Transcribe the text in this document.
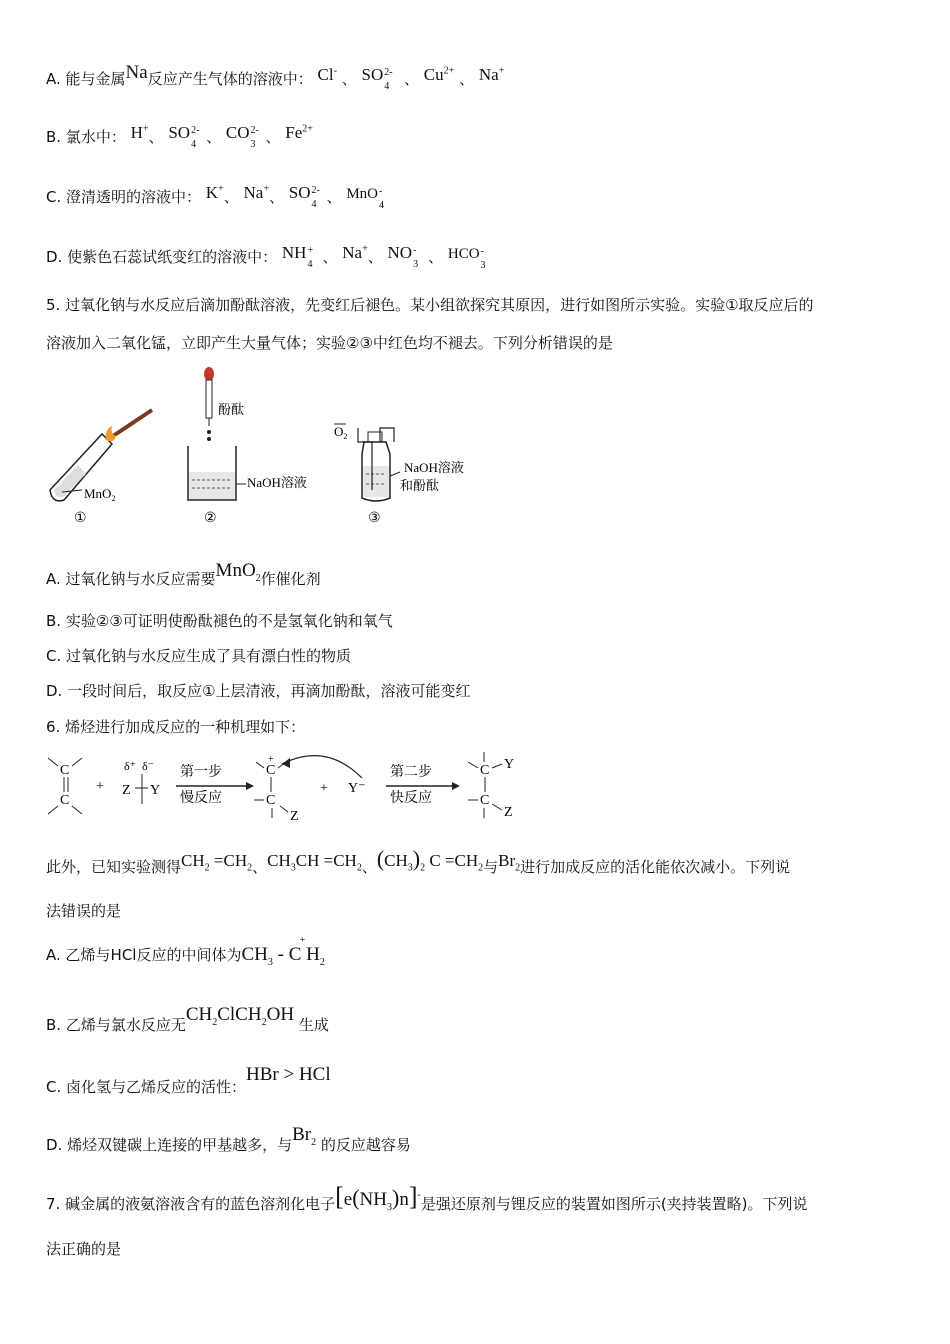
A. 能与金属Na反应产生气体的溶液中： Cl- 、 SO 2-
4 、 $Cu^{2+}$ 、 Na+
B. 氯水中： H+、 SO 2-
4 、 CO 2-
3 、 $Fe^{2+}$
C. 澄清透明的溶液中： K+、 Na+、 SO 2-
4 、 MnO -
4
D. 使紫色石蕊试纸变红的溶液中： NH +
4 、 Na+、 NO -
3 、 HCO -
3
5. 过氧化钠与水反应后滴加酚酞溶液，先变红后褪色。某小组欲探究其原因，进行如图所示实验。实验①取反应后的
溶液加入二氧化锰，立即产生大量气体；实验②③中红色均不褪去。下列分析错误的是
MnO$_2$
酚酞
NaOH溶液
$O_2$
NaOH溶液
和酚酞
①	②	③
A. 过氧化钠与水反应需要MnO$_2$作催化剂
B. 实验②③可证明使酚酞褪色的不是氢氧化钠和氧气
C. 过氧化钠与水反应生成了具有漂白性的物质
D. 一段时间后，取反应①上层清液，再滴加酚酞，溶液可能变红
6. 烯烃进行加成反应的一种机理如下：
C
C
+
δ⁺ δ⁻
Z Y
第一步
慢反应
+
C
C
Z
+ Y⁻
第二步
快反应
C
C
Y
Z
此外，已知实验测得$CH_2 =CH_2$、$CH_3CH =CH_2$、$(CH_3)_2$ $C =CH_2$与$Br_2$进行加成反应的活化能依次减小。下列说
法错误的是
A. 乙烯与HCl反应的中间体为$CH_3$ - C
+
$H_2$
B. 乙烯与氯水反应无$CH_2ClCH_2OH$ 生成
C. 卤化氢与乙烯反应的活性：HBr > HCl
D. 烯烃双键碳上连接的甲基越多，与$Br_2$ 的反应越容易
7. 碱金属的液氨溶液含有的蓝色溶剂化电子$[e(NH_3)n]^-$是强还原剂与锂反应的装置如图所示(夹持装置略)。下列说
法正确的是
